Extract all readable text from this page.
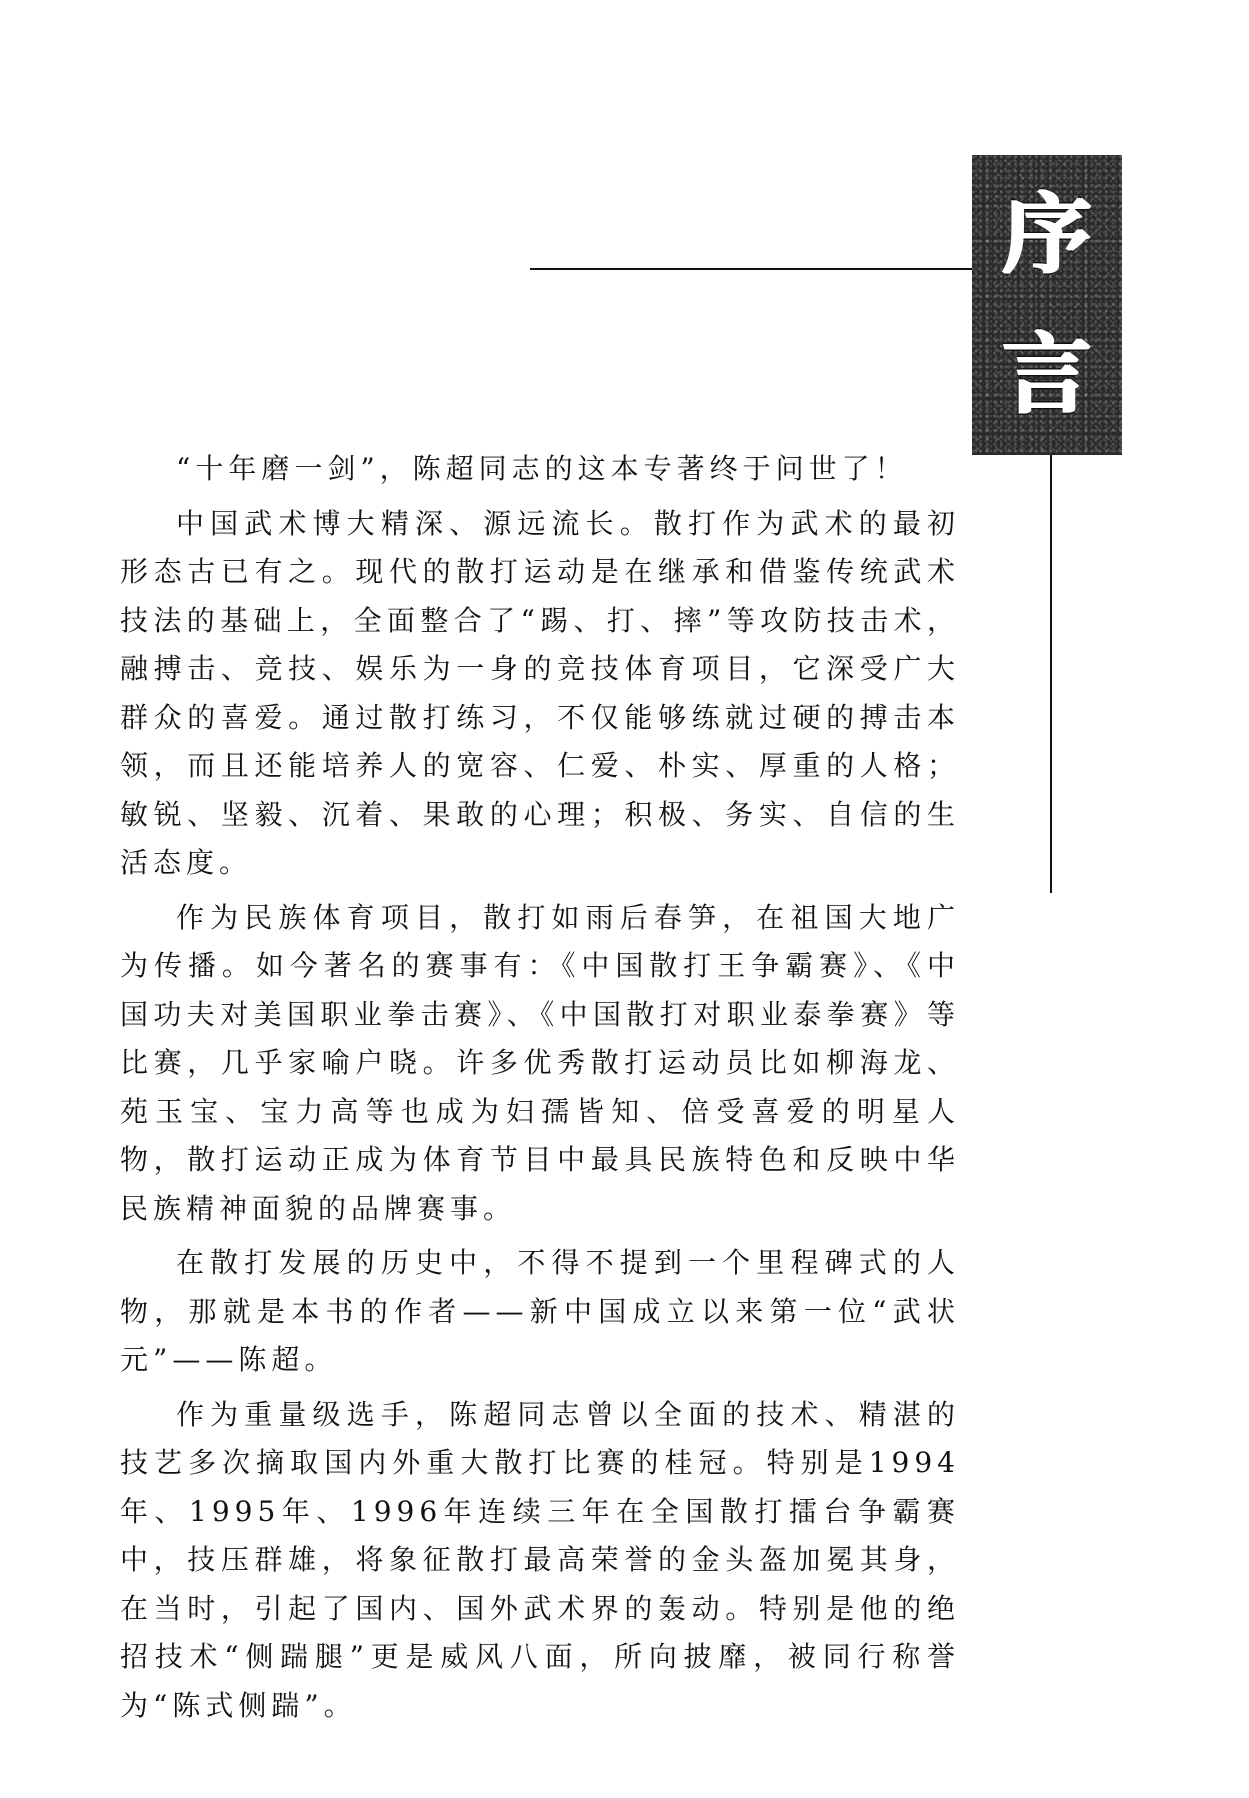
序
言

“十年磨一剑”，陈超同志的这本专著终于问世了！

中国武术博大精深、源远流长。散打作为武术的最初形态古已有之。现代的散打运动是在继承和借鉴传统武术技法的基础上，全面整合了“踢、打、摔”等攻防技击术，融搏击、竞技、娱乐为一身的竞技体育项目，它深受广大群众的喜爱。通过散打练习，不仅能够练就过硬的搏击本领，而且还能培养人的宽容、仁爱、朴实、厚重的人格；敏锐、坚毅、沉着、果敢的心理；积极、务实、自信的生活态度。

作为民族体育项目，散打如雨后春笋，在祖国大地广为传播。如今著名的赛事有：《中国散打王争霸赛》、《中国功夫对美国职业拳击赛》、《中国散打对职业泰拳赛》等比赛，几乎家喻户晓。许多优秀散打运动员比如柳海龙、苑玉宝、宝力高等也成为妇孺皆知、倍受喜爱的明星人物，散打运动正成为体育节目中最具民族特色和反映中华民族精神面貌的品牌赛事。

在散打发展的历史中，不得不提到一个里程碑式的人物，那就是本书的作者——新中国成立以来第一位“武状元”——陈超。

作为重量级选手，陈超同志曾以全面的技术、精湛的技艺多次摘取国内外重大散打比赛的桂冠。特别是1994年、1995年、1996年连续三年在全国散打擂台争霸赛中，技压群雄，将象征散打最高荣誉的金头盔加冕其身，在当时，引起了国内、国外武术界的轰动。特别是他的绝招技术“侧踹腿”更是威风八面，所向披靡，被同行称誉为“陈式侧踹”。
